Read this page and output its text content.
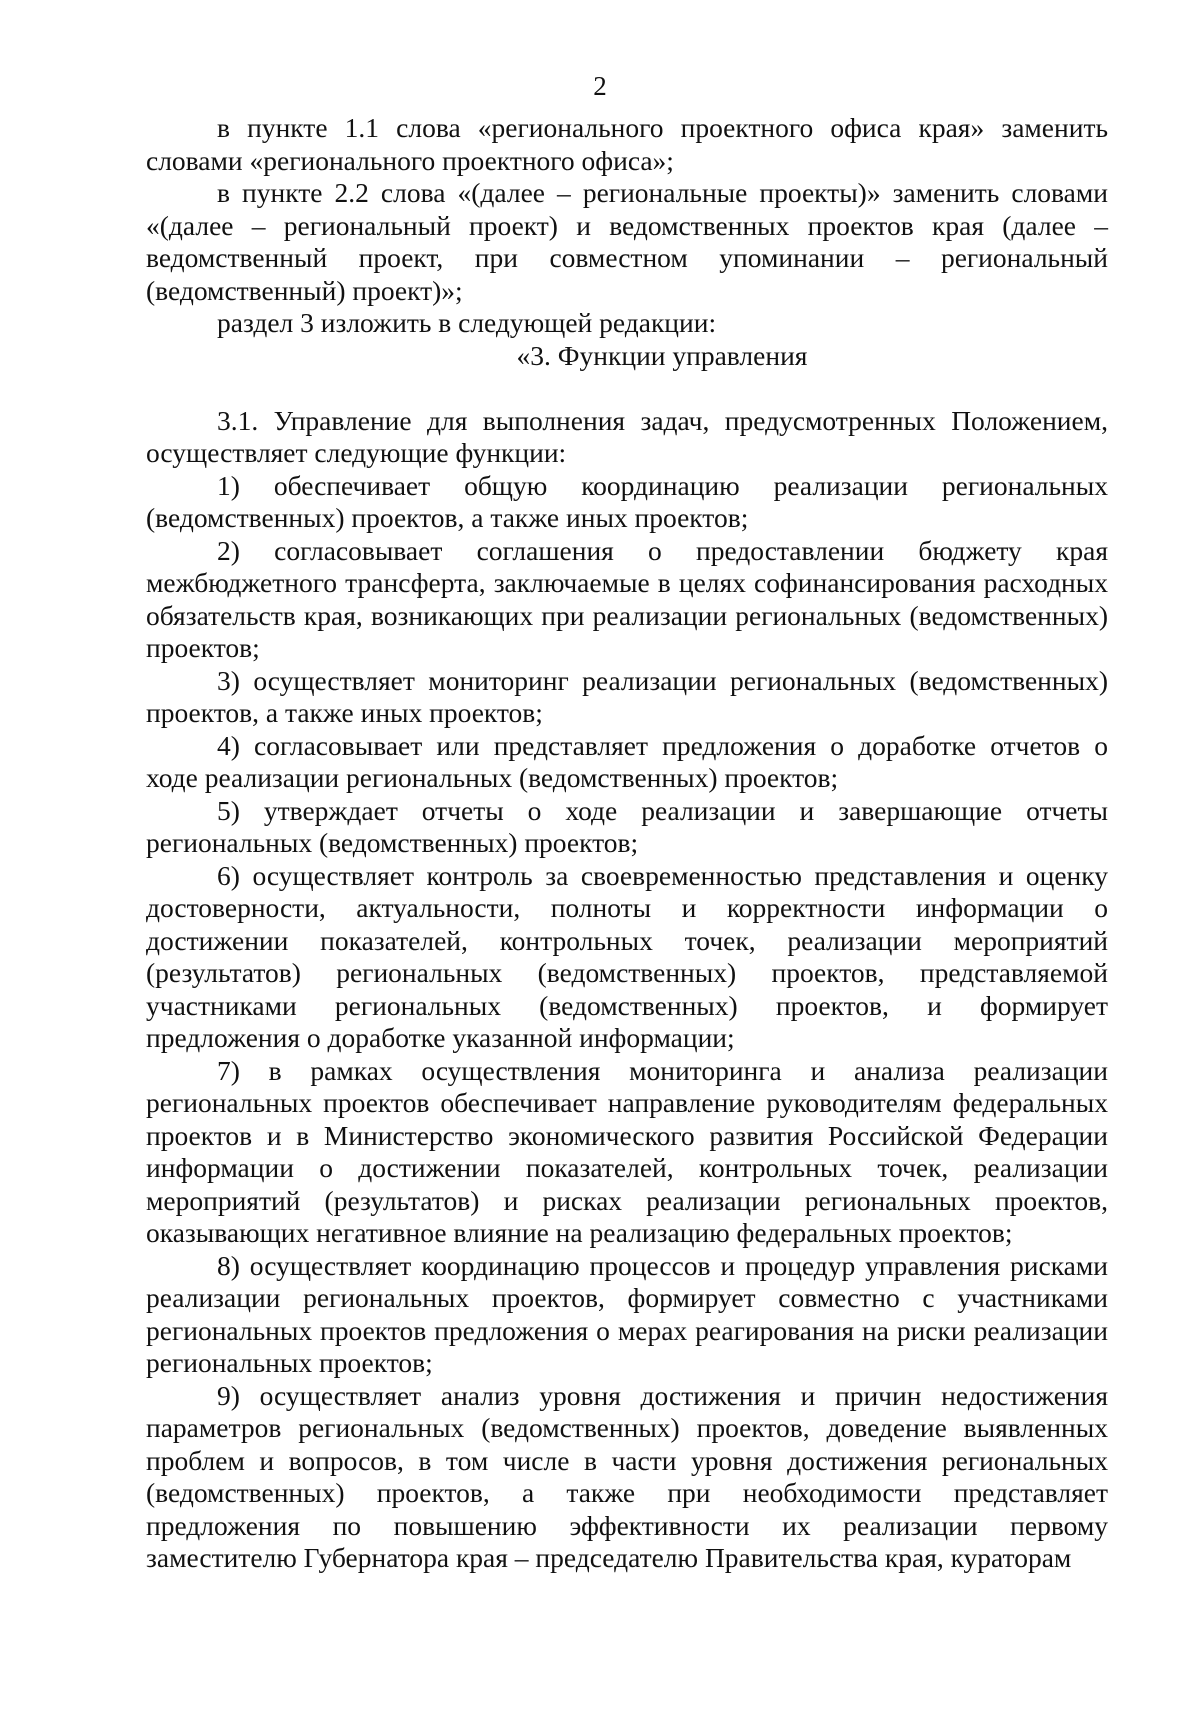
2

в пункте 1.1 слова «регионального проектного офиса края» заменить словами «регионального проектного офиса»;

в пункте 2.2 слова «(далее – региональные проекты)» заменить словами «(далее – региональный проект) и ведомственных проектов края (далее – ведомственный проект, при совместном упоминании – региональный (ведомственный) проект)»;

раздел 3 изложить в следующей редакции:

«3. Функции управления

3.1. Управление для выполнения задач, предусмотренных Положением, осуществляет следующие функции:

1) обеспечивает общую координацию реализации региональных (ведомственных) проектов, а также иных проектов;

2) согласовывает соглашения о предоставлении бюджету края межбюджетного трансферта, заключаемые в целях софинансирования расходных обязательств края, возникающих при реализации региональных (ведомственных) проектов;

3) осуществляет мониторинг реализации региональных (ведомственных) проектов, а также иных проектов;

4) согласовывает или представляет предложения о доработке отчетов о ходе реализации региональных (ведомственных) проектов;

5) утверждает отчеты о ходе реализации и завершающие отчеты региональных (ведомственных) проектов;

6) осуществляет контроль за своевременностью представления и оценку достоверности, актуальности, полноты и корректности информации о достижении показателей, контрольных точек, реализации мероприятий (результатов) региональных (ведомственных) проектов, представляемой участниками региональных (ведомственных) проектов, и формирует предложения о доработке указанной информации;

7) в рамках осуществления мониторинга и анализа реализации региональных проектов обеспечивает направление руководителям федеральных проектов и в Министерство экономического развития Российской Федерации информации о достижении показателей, контрольных точек, реализации мероприятий (результатов) и рисках реализации региональных проектов, оказывающих негативное влияние на реализацию федеральных проектов;

8) осуществляет координацию процессов и процедур управления рисками реализации региональных проектов, формирует совместно с участниками региональных проектов предложения о мерах реагирования на риски реализации региональных проектов;

9) осуществляет анализ уровня достижения и причин недостижения параметров региональных (ведомственных) проектов, доведение выявленных проблем и вопросов, в том числе в части уровня достижения региональных (ведомственных) проектов, а также при необходимости представляет предложения по повышению эффективности их реализации первому заместителю Губернатора края – председателю Правительства края, кураторам
